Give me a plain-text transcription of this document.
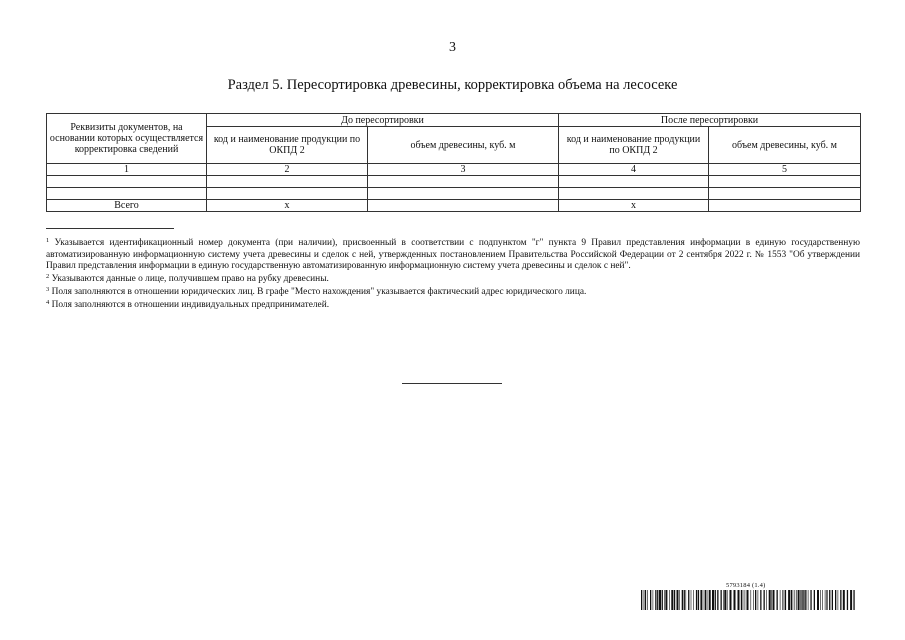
3
Раздел 5. Пересортировка древесины, корректировка объема на лесосеке
Реквизиты документов, на основании которых осуществляется корректировка сведений	До пересортировки		После пересортировки	
	код и наименование продукции по ОКПД 2	объем древесины, куб. м	код и наименование продукции по ОКПД 2	объем древесины, куб. м
1	2	3	4	5

Всего	х		х	

$^1$ Указывается идентификационный номер документа (при наличии), присвоенный в соответствии с подпунктом "г" пункта 9 Правил представления информации в единую государственную автоматизированную информационную систему учета древесины и сделок с ней, утвержденных постановлением Правительства Российской Федерации от 2 сентября 2022 г. № 1553 "Об утверждении Правил представления информации в единую государственную автоматизированную информационную систему учета древесины и сделок с ней".

$^2$ Указываются данные о лице, получившем право на рубку древесины.

$^3$ Поля заполняются в отношении юридических лиц. В графе "Место нахождения" указывается фактический адрес юридического лица.

$^4$ Поля заполняются в отношении индивидуальных предпринимателей.

5793184 (1.4)
